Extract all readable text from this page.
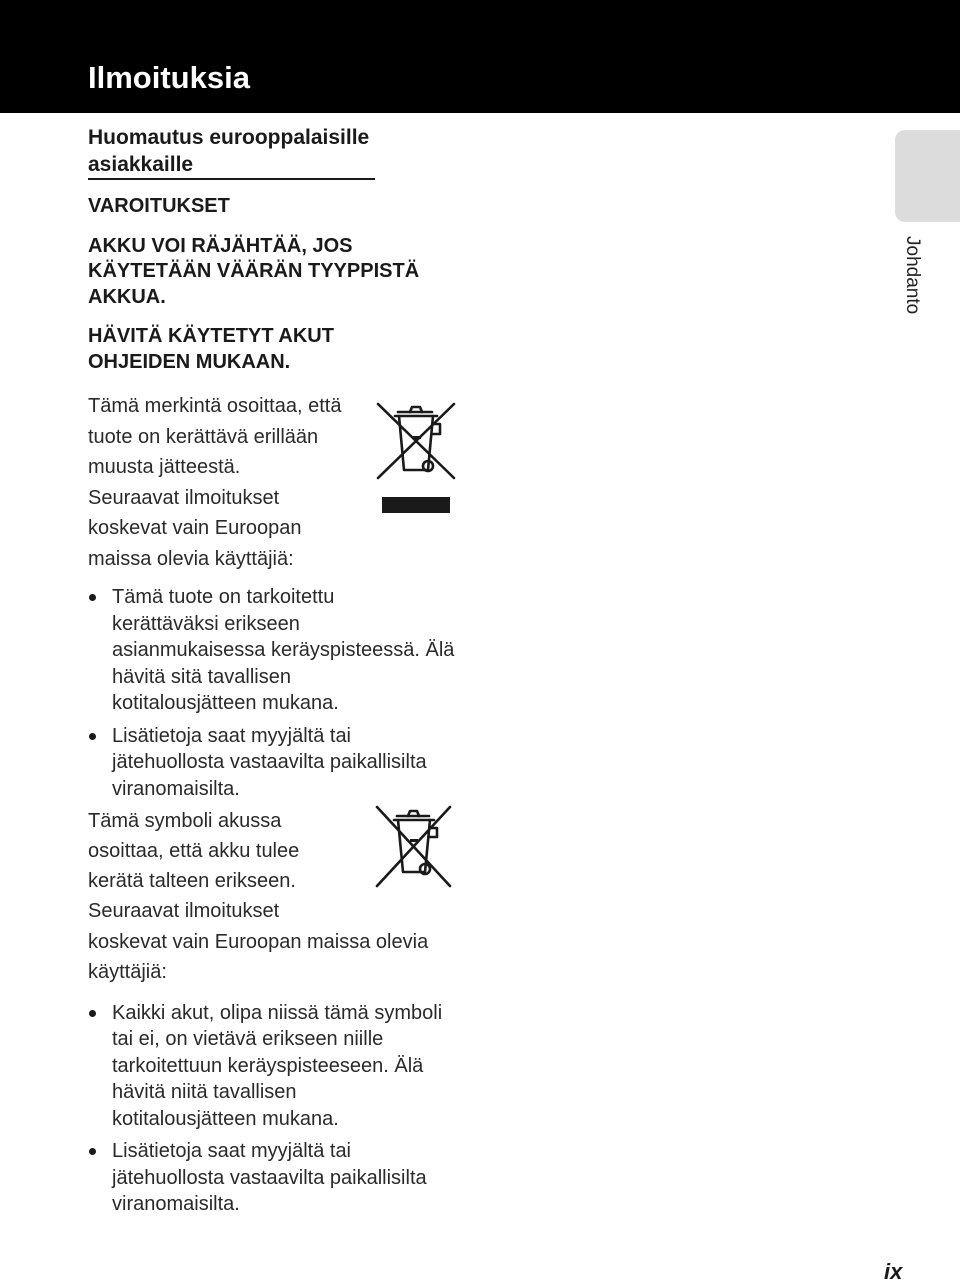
Ilmoituksia
Johdanto
Huomautus eurooppalaisille
asiakkaille

VAROITUKSET

AKKU VOI RÄJÄHTÄÄ, JOS
KÄYTETÄÄN VÄÄRÄN TYYPPISTÄ
AKKUA.

HÄVITÄ KÄYTETYT AKUT
OHJEIDEN MUKAAN.

Tämä merkintä osoittaa, että
tuote on kerättävä erillään
muusta jätteestä.

Seuraavat ilmoitukset
koskevat vain Euroopan
maissa olevia käyttäjiä:

Tämä tuote on tarkoitettu
kerättäväksi erikseen
asianmukaisessa keräyspisteessä. Älä
hävitä sitä tavallisen
kotitalousjätteen mukana.
Lisätietoja saat myyjältä tai
jätehuollosta vastaavilta paikallisilta
viranomaisilta.

Tämä symboli akussa
osoittaa, että akku tulee
kerätä talteen erikseen.

Seuraavat ilmoitukset
koskevat vain Euroopan maissa olevia
käyttäjiä:

Kaikki akut, olipa niissä tämä symboli
tai ei, on vietävä erikseen niille
tarkoitettuun keräyspisteeseen. Älä
hävitä niitä tavallisen
kotitalousjätteen mukana.
Lisätietoja saat myyjältä tai
jätehuollosta vastaavilta paikallisilta
viranomaisilta.
ix
